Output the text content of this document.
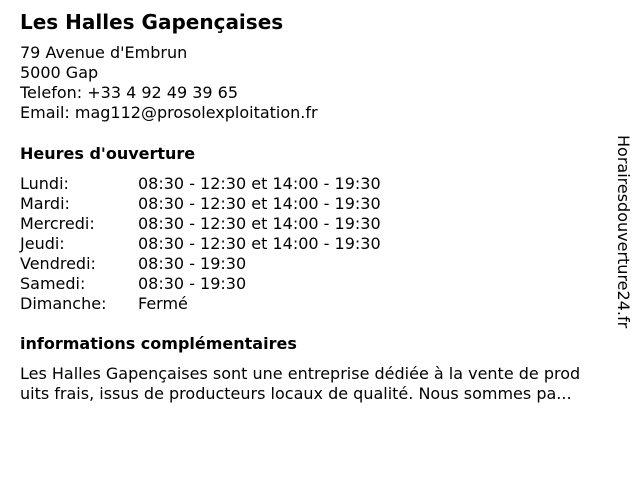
Les Halles Gapençaises
79 Avenue d'Embrun
5000 Gap
Telefon: +33 4 92 49 39 65
Email: mag112@prosolexploitation.fr
Heures d'ouverture
Lundi:	08:30 - 12:30 et 14:00 - 19:30
Mardi:	08:30 - 12:30 et 14:00 - 19:30
Mercredi:	08:30 - 12:30 et 14:00 - 19:30
Jeudi:	08:30 - 12:30 et 14:00 - 19:30
Vendredi:	08:30 - 19:30
Samedi:	08:30 - 19:30
Dimanche:	Fermé
informations complémentaires
Les Halles Gapençaises sont une entreprise dédiée à la vente de prod
uits frais, issus de producteurs locaux de qualité. Nous sommes pa...
Horairesdouverture24.fr
